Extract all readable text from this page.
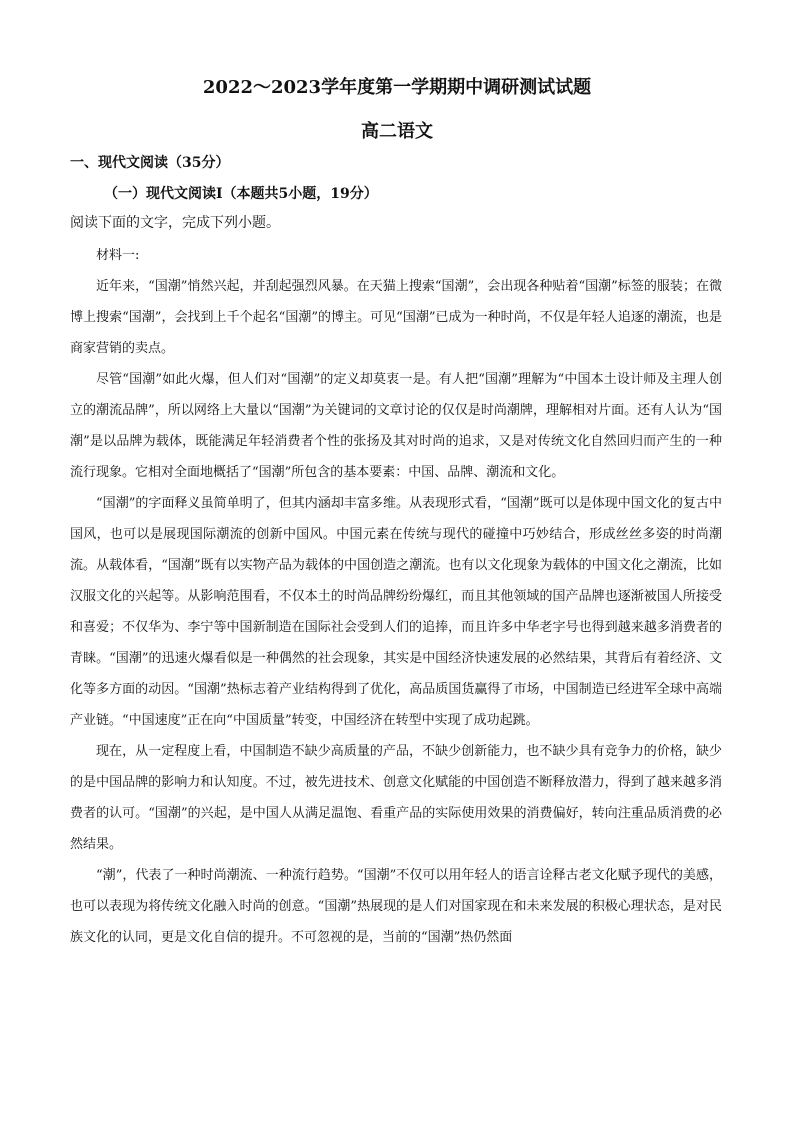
2022～2023学年度第一学期期中调研测试试题
高二语文
一、现代文阅读（35分）
（一）现代文阅读Ⅰ（本题共5小题，19分）
阅读下面的文字，完成下列小题。

材料一:

近年来，“国潮”悄然兴起，并刮起强烈风暴。在天猫上搜索“国潮”，会出现各种贴着“国潮”标签的服装；在微博上搜索“国潮”，会找到上千个起名“国潮”的博主。可见“国潮”已成为一种时尚，不仅是年轻人追逐的潮流，也是商家营销的卖点。

尽管“国潮”如此火爆，但人们对“国潮”的定义却莫衷一是。有人把“国潮”理解为“中国本土设计师及主理人创立的潮流品牌”，所以网络上大量以“国潮”为关键词的文章讨论的仅仅是时尚潮牌，理解相对片面。还有人认为“国潮”是以品牌为载体，既能满足年轻消费者个性的张扬及其对时尚的追求，又是对传统文化自然回归而产生的一种流行现象。它相对全面地概括了“国潮”所包含的基本要素：中国、品牌、潮流和文化。

“国潮”的字面释义虽简单明了，但其内涵却丰富多维。从表现形式看，“国潮”既可以是体现中国文化的复古中国风，也可以是展现国际潮流的创新中国风。中国元素在传统与现代的碰撞中巧妙结合，形成丝丝多姿的时尚潮流。从载体看，“国潮”既有以实物产品为载体的中国创造之潮流。也有以文化现象为载体的中国文化之潮流，比如汉服文化的兴起等。从影响范围看，不仅本土的时尚品牌纷纷爆红，而且其他领域的国产品牌也逐渐被国人所接受和喜爱；不仅华为、李宁等中国新制造在国际社会受到人们的追捧，而且许多中华老字号也得到越来越多消费者的青睐。“国潮”的迅速火爆看似是一种偶然的社会现象，其实是中国经济快速发展的必然结果，其背后有着经济、文化等多方面的动因。“国潮”热标志着产业结构得到了优化，高品质国货赢得了市场，中国制造已经进军全球中高端产业链。“中国速度”正在向“中国质量”转变，中国经济在转型中实现了成功起跳。

现在，从一定程度上看，中国制造不缺少高质量的产品，不缺少创新能力，也不缺少具有竞争力的价格，缺少的是中国品牌的影响力和认知度。不过，被先进技术、创意文化赋能的中国创造不断释放潜力，得到了越来越多消费者的认可。“国潮”的兴起，是中国人从满足温饱、看重产品的实际使用效果的消费偏好，转向注重品质消费的必然结果。

“潮”，代表了一种时尚潮流、一种流行趋势。“国潮”不仅可以用年轻人的语言诠释古老文化赋予现代的美感，也可以表现为将传统文化融入时尚的创意。“国潮”热展现的是人们对国家现在和未来发展的积极心理状态，是对民族文化的认同，更是文化自信的提升。不可忽视的是，当前的“国潮”热仍然面
